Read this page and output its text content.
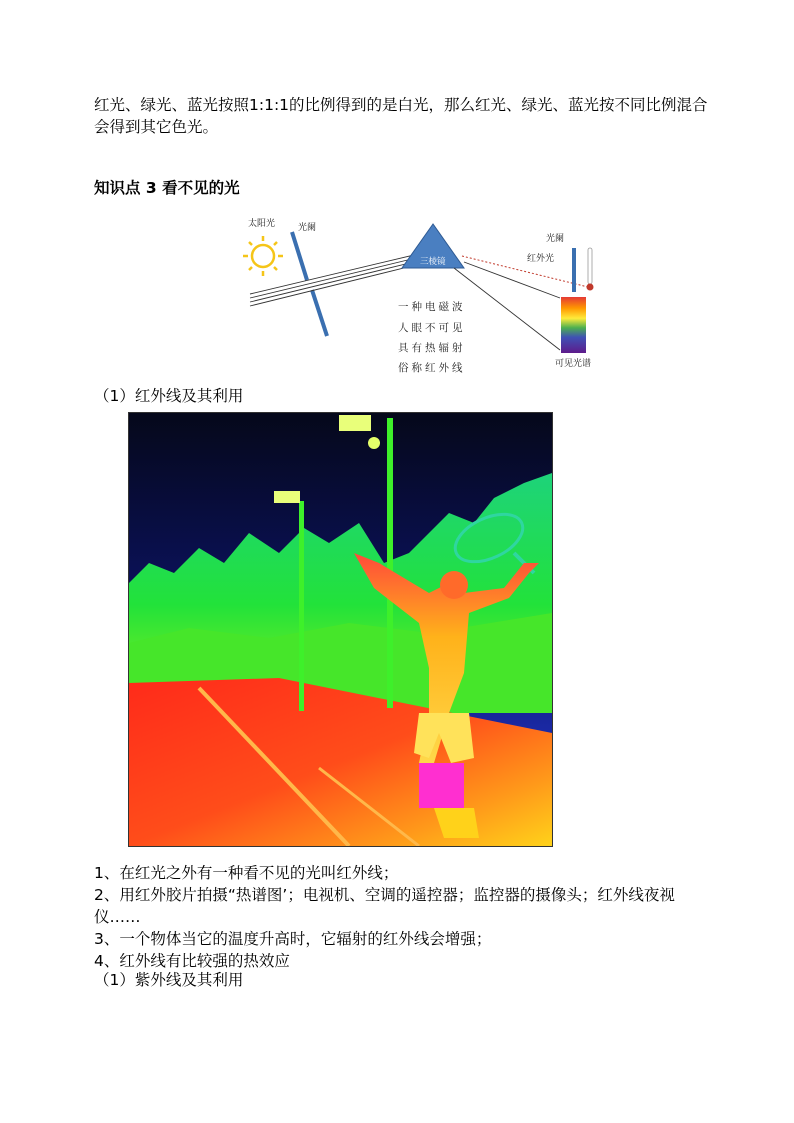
红光、绿光、蓝光按照1:1:1的比例得到的是白光，那么红光、绿光、蓝光按不同比例混合会得到其它色光。
知识点 3 看不见的光
太阳光	光阑
三棱镜
光阑
红外光
可见光谱
一种电磁波
人眼不可见
具有热辐射
俗称红外线
（1）红外线及其利用
1、在红光之外有一种看不见的光叫红外线；
2、用红外胶片拍摄“热谱图’；电视机、空调的遥控器；监控器的摄像头；红外线夜视仪……
3、一个物体当它的温度升高时，它辐射的红外线会增强；
4、红外线有比较强的热效应
（1）紫外线及其利用
